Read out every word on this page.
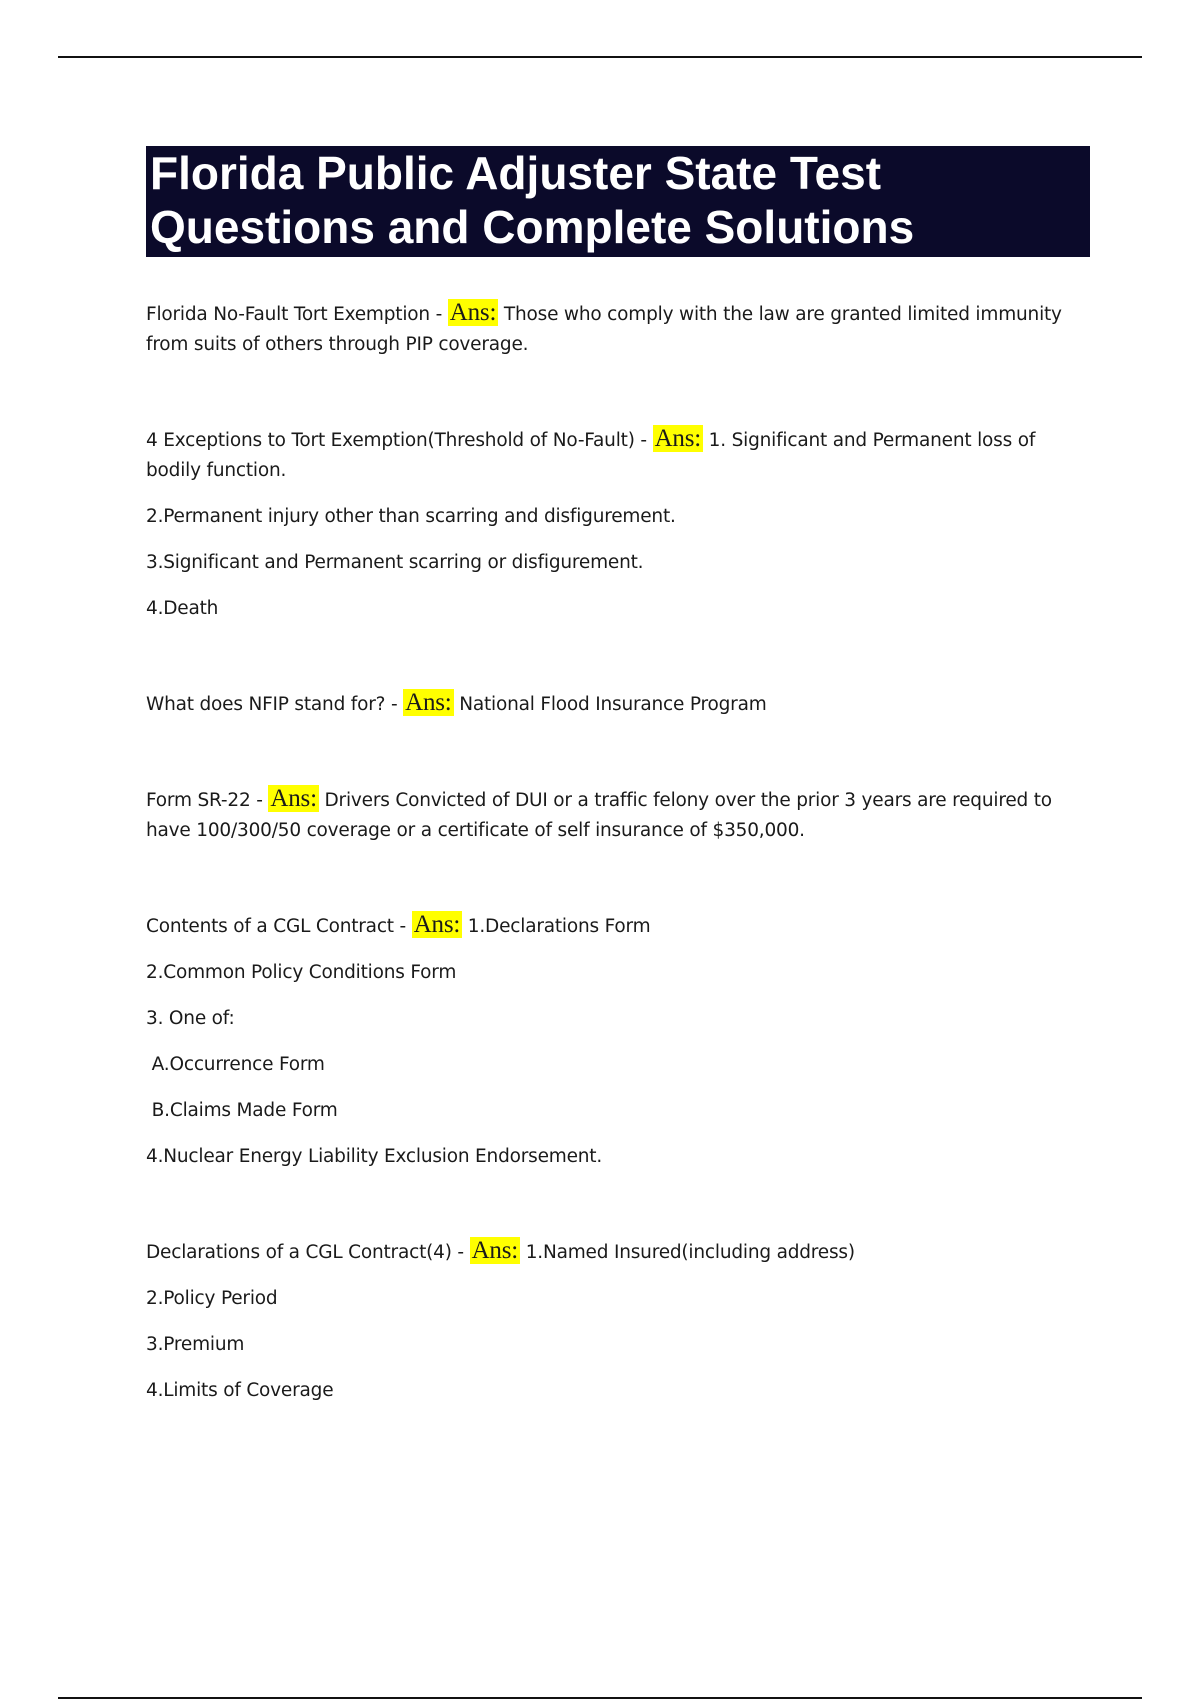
Florida Public Adjuster State Test
Questions and Complete Solutions
Florida No-Fault Tort Exemption - Ans: Those who comply with the law are granted limited immunity
from suits of others through PIP coverage.
4 Exceptions to Tort Exemption(Threshold of No-Fault) - Ans: 1. Significant and Permanent loss of
bodily function.
2.Permanent injury other than scarring and disfigurement.
3.Significant and Permanent scarring or disfigurement.
4.Death
What does NFIP stand for? - Ans: National Flood Insurance Program
Form SR-22 - Ans: Drivers Convicted of DUI or a traffic felony over the prior 3 years are required to
have 100/300/50 coverage or a certificate of self insurance of $350,000.
Contents of a CGL Contract - Ans: 1.Declarations Form
2.Common Policy Conditions Form
3. One of:
A.Occurrence Form
B.Claims Made Form
4.Nuclear Energy Liability Exclusion Endorsement.
Declarations of a CGL Contract(4) - Ans: 1.Named Insured(including address)
2.Policy Period
3.Premium
4.Limits of Coverage
